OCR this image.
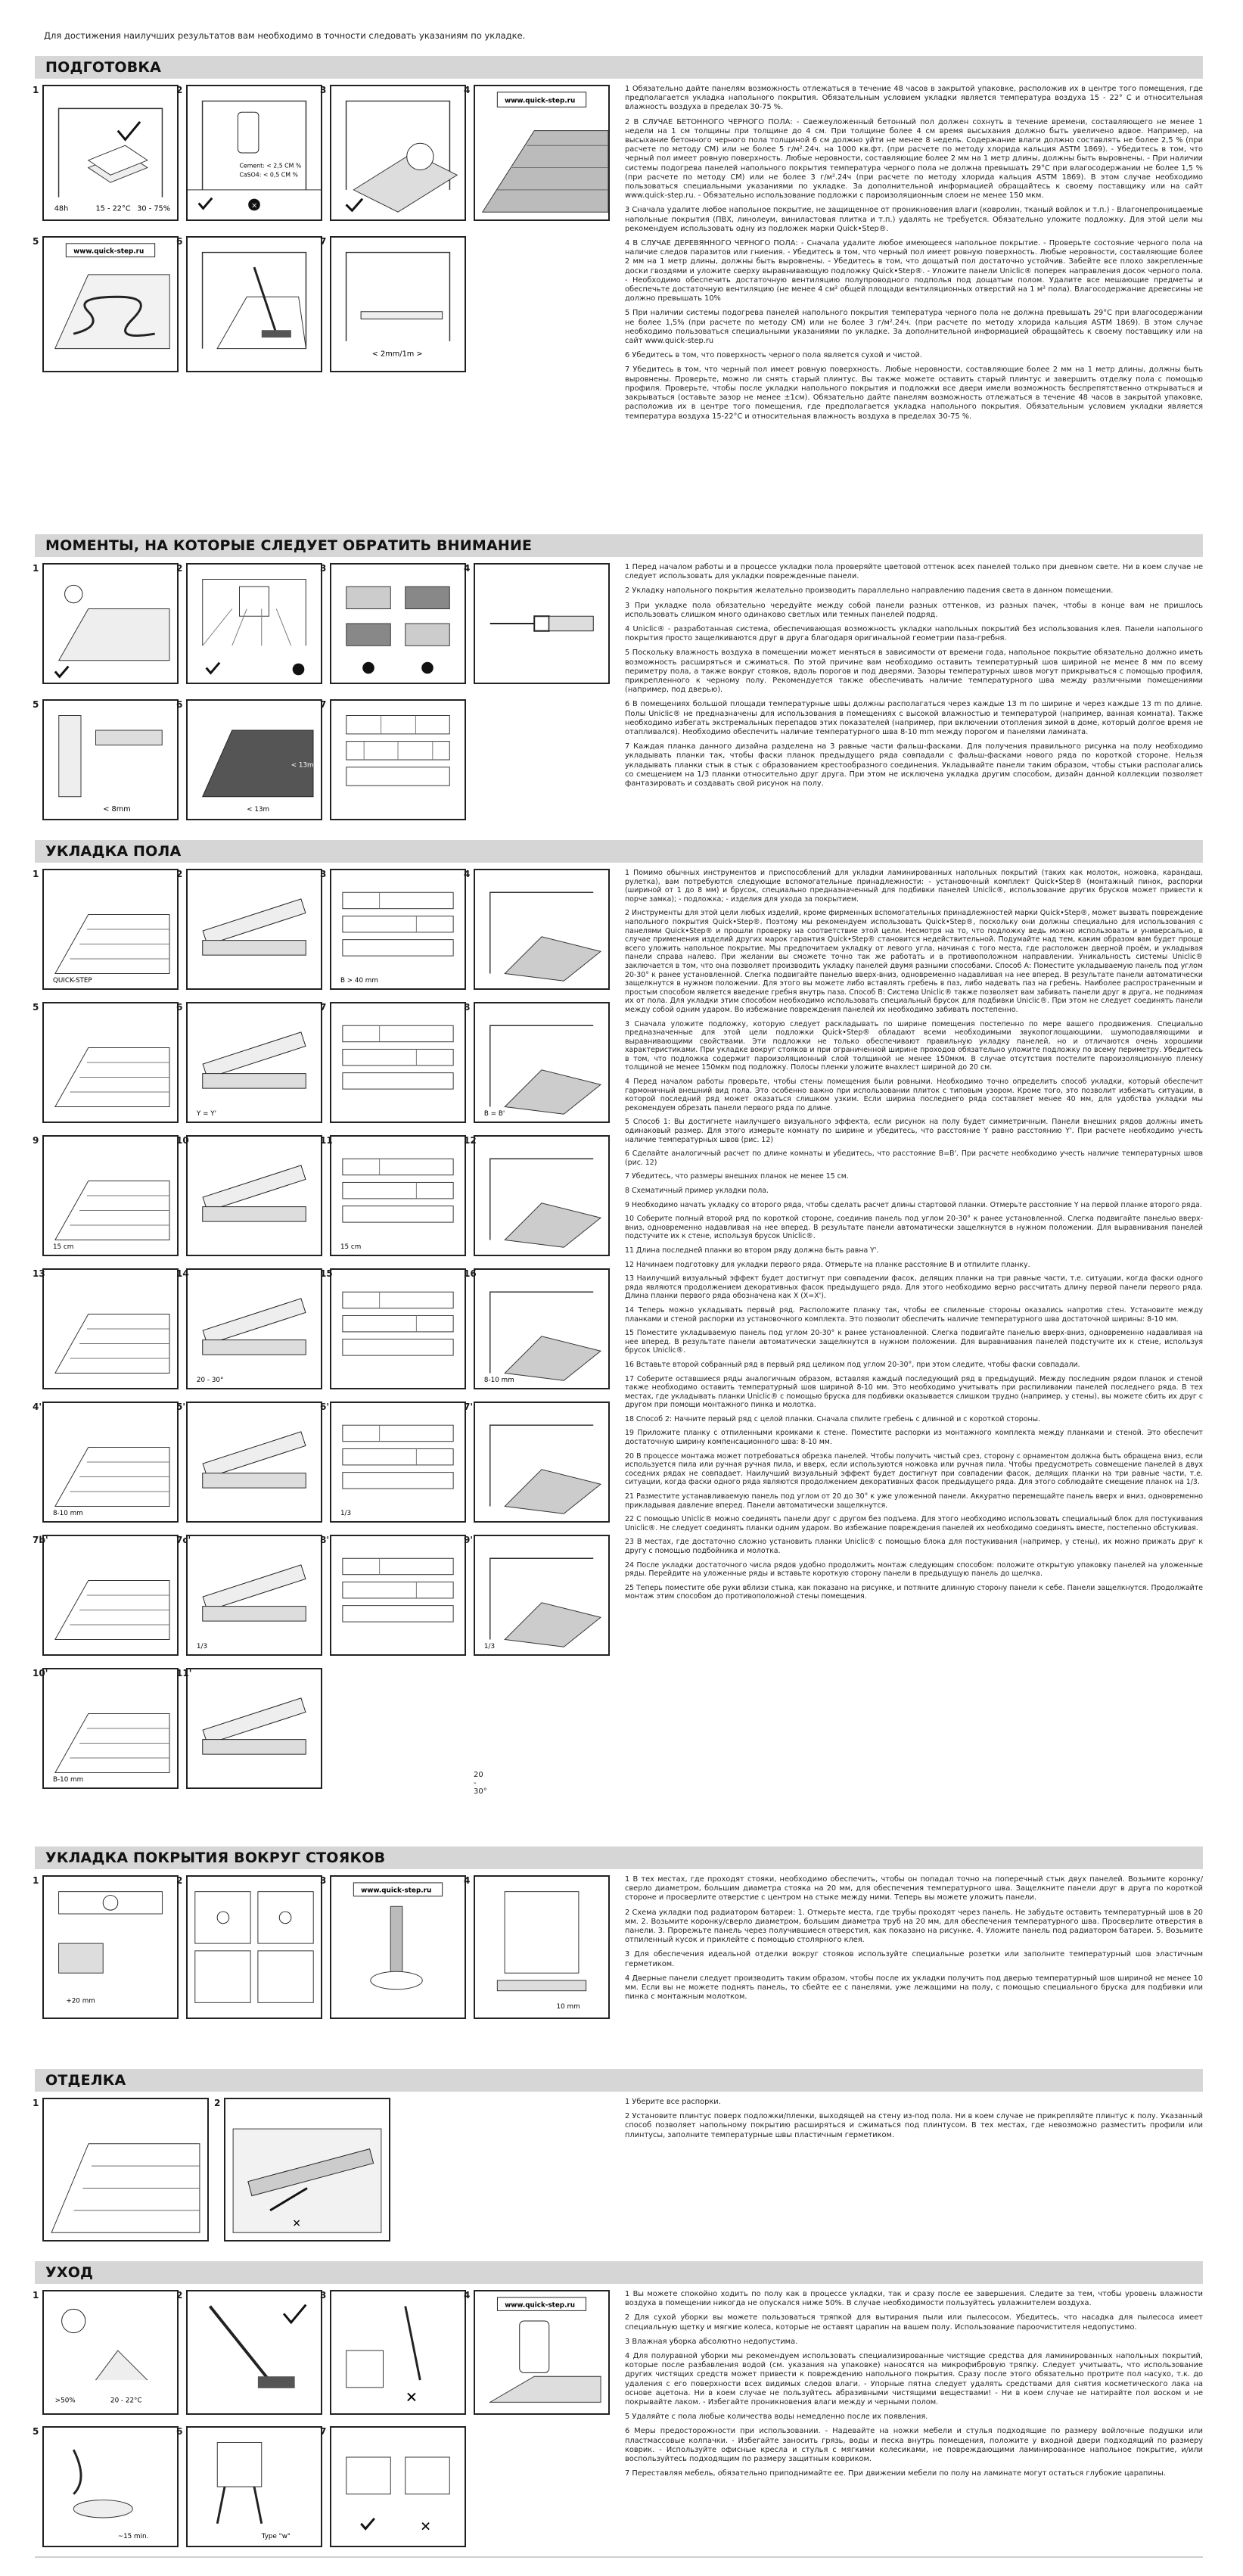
Для достижения наилучших результатов вам необходимо в точности следовать указаниям по укладке.
ПОДГОТОВКА
1
48h	15 - 22°C 30 - 75%
2
Cement: < 2,5 CM %
CaSO4: < 0,5 CM %
×
3	4
www.quick-step.ru
5
www.quick-step.ru
6	7
< 2mm/1m >

1 Обязательно дайте панелям возможность отлежаться в течение 48 часов в закрытой упаковке, расположив их в центре того помещения, где предполагается укладка напольного покрытия. Обязательным условием укладки является температура воздуха 15 - 22° С и относительная влажность воздуха в пределах 30-75 %.

2 В СЛУЧАЕ БЕТОННОГО ЧЕРНОГО ПОЛА: - Свежеуложенный бетонный пол должен сохнуть в течение времени, составляющего не менее 1 недели на 1 см толщины при толщине до 4 см. При толщине более 4 см время высыхания должно быть увеличено вдвое. Например, на высыхание бетонного черного пола толщиной 6 см должно уйти не менее 8 недель. Содержание влаги должно составлять не более 2,5 % (при расчете по методу CM) или не более 5 г/м².24ч. на 1000 кв.фт. (при расчете по методу хлорида кальция ASTM 1869). - Убедитесь в том, что черный пол имеет ровную поверхность. Любые неровности, составляющие более 2 мм на 1 метр длины, должны быть выровнены. - При наличии системы подогрева панелей напольного покрытия температура черного пола не должна превышать 29°С при влагосодержании не более 1,5 % (при расчете по методу CM) или не более 3 г/м².24ч (при расчете по методу хлорида кальция ASTM 1869). В этом случае необходимо пользоваться специальными указаниями по укладке. За дополнительной информацией обращайтесь к своему поставщику или на сайт www.quick-step.ru. - Обязательно использование подложки с пароизоляционным слоем не менее 150 мкм.

3 Сначала удалите любое напольное покрытие, не защищенное от проникновения влаги (ковролин, тканый войлок и т.п.) - Влагонепроницаемые напольные покрытия (ПВХ, линолеум, виниластовая плитка и т.п.) удалять не требуется. Обязательно уложите подложку. Для этой цели мы рекомендуем использовать одну из подложек марки Quick•Step®.

4 В СЛУЧАЕ ДЕРЕВЯННОГО ЧЕРНОГО ПОЛА: - Сначала удалите любое имеющееся напольное покрытие. - Проверьте состояние черного пола на наличие следов паразитов или гниения. - Убедитесь в том, что черный пол имеет ровную поверхность. Любые неровности, составляющие более 2 мм на 1 метр длины, должны быть выровнены. - Убедитесь в том, что дощатый пол достаточно устойчив. Забейте все плохо закрепленные доски гвоздями и уложите сверху выравнивающую подложку Quick•Step®. - Уложите панели Uniclic® поперек направления досок черного пола. - Необходимо обеспечить достаточную вентиляцию полупроводного подполья под дощатым полом. Удалите все мешающие предметы и обеспечьте достаточную вентиляцию (не менее 4 см² общей площади вентиляционных отверстий на 1 м² пола). Влагосодержание древесины не должно превышать 10%

5 При наличии системы подогрева панелей напольного покрытия температура черного пола не должна превышать 29°С при влагосодержании не более 1,5% (при расчете по методу CM) или не более 3 г/м².24ч. (при расчете по методу хлорида кальция ASTM 1869). В этом случае необходимо пользоваться специальными указаниями по укладке. За дополнительной информацией обращайтесь к своему поставщику или на сайт www.quick-step.ru

6 Убедитесь в том, что поверхность черного пола является сухой и чистой.

7 Убедитесь в том, что черный пол имеет ровную поверхность. Любые неровности, составляющие более 2 мм на 1 метр длины, должны быть выровнены. Проверьте, можно ли снять старый плинтус. Вы также можете оставить старый плинтус и завершить отделку пола с помощью профиля. Проверьте, чтобы после укладки напольного покрытия и подложки все двери имели возможность беспрепятственно открываться и закрываться (оставьте зазор не менее ±1см). Обязательно дайте панелям возможность отлежаться в течение 48 часов в закрытой упаковке, расположив их в центре того помещения, где предполагается укладка напольного покрытия. Обязательным условием укладки является температура воздуха 15-22°С и относительная влажность воздуха в пределах 30-75 %.

МОМЕНТЫ, НА КОТОРЫЕ СЛЕДУЕТ ОБРАТИТЬ ВНИМАНИЕ
1	2	3	4
5
< 8mm
6
< 13m
< 13m
7

1 Перед началом работы и в процессе укладки пола проверяйте цветовой оттенок всех панелей только при дневном свете. Ни в коем случае не следует использовать для укладки поврежденные панели.

2 Укладку напольного покрытия желательно производить параллельно направлению падения света в данном помещении.

3 При укладке пола обязательно чередуйте между собой панели разных оттенков, из разных пачек, чтобы в конце вам не пришлось использовать слишком много одинаково светлых или темных панелей подряд.

4 Uniclic® - разработанная система, обеспечивающая возможность укладки напольных покрытий без использования клея. Панели напольного покрытия просто защелкиваются друг в друга благодаря оригинальной геометрии паза-гребня.

5 Поскольку влажность воздуха в помещении может меняться в зависимости от времени года, напольное покрытие обязательно должно иметь возможность расширяться и сжиматься. По этой причине вам необходимо оставить температурный шов шириной не менее 8 мм по всему периметру пола, а также вокруг стояков, вдоль порогов и под дверями. Зазоры температурных швов могут прикрываться с помощью профиля, прикрепленного к черному полу. Рекомендуется также обеспечивать наличие температурного шва между различными помещениями (например, под дверью).

6 В помещениях большой площади температурные швы должны располагаться через каждые 13 m по ширине и через каждые 13 m по длине. Полы Uniclic® не предназначены для использования в помещениях с высокой влажностью и температурой (например, ванная комната). Также необходимо избегать экстремальных перепадов этих показателей (например, при включении отопления зимой в доме, который долгое время не отапливался). Необходимо обеспечить наличие температурного шва 8-10 mm между порогом и панелями ламината.

7 Каждая планка данного дизайна разделена на 3 равные части фальш-фасками. Для получения правильного рисунка на полу необходимо укладывать планки так, чтобы фаски планок предыдущего ряда совпадали с фальш-фасками нового ряда по короткой стороне. Нельзя укладывать планки стык в стык с образованием крестообразного соединения. Укладывайте панели таким образом, чтобы стыки располагались со смещением на 1/3 планки относительно друг друга. При этом не исключена укладка другим способом, дизайн данной коллекции позволяет фантазировать и создавать свой рисунок на полу.

УКЛАДКА ПОЛА
1
QUICK-STEP
2	3
B > 40 mm
4
5	6
Y = Y'
7	8
B = B'
9
15 cm
10	11
15 cm
12
13	14
20 - 30°
15	16
8-10 mm
4'
8-10 mm
5'	6'
1/3
7'
7b'	7c'
1/3
8'	9'
1/3
10'
B-10 mm
11'
20 - 30°

1 Помимо обычных инструментов и приспособлений для укладки ламинированных напольных покрытий (таких как молоток, ножовка, карандаш, рулетка), вам потребуются следующие вспомогательные принадлежности: - установочный комплект Quick•Step® (монтажный пинок, распорки (шириной от 1 до 8 мм) и брусок, специально предназначенный для подбивки панелей Uniclic®, использование других брусков может привести к порче замка); - подложка; - изделия для ухода за покрытием.

2 Инструменты для этой цели любых изделий, кроме фирменных вспомогательных принадлежностей марки Quick•Step®, может вызвать повреждение напольного покрытия Quick•Step®. Поэтому мы рекомендуем использовать Quick•Step®, поскольку они должны специально для использования с панелями Quick•Step® и прошли проверку на соответствие этой цели. Несмотря на то, что подложку ведь можно использовать и универсально, в случае применения изделий других марок гарантия Quick•Step® становится недействительной. Подумайте над тем, каким образом вам будет проще всего уложить напольное покрытие. Мы предпочитаем укладку от левого угла, начиная с того места, где расположен дверной проём, и укладывая панели справа налево. При желании вы сможете точно так же работать и в противоположном направлении. Уникальность системы Uniclic® заключается в том, что она позволяет производить укладку панелей двумя разными способами. Способ А: Поместите укладываемую панель под углом 20-30° к ранее установленной. Слегка подвигайте панелью вверх-вниз, одновременно надавливая на нее вперед. В результате панели автоматически защелкнутся в нужном положении. Для этого вы можете либо вставлять гребень в паз, либо надевать паз на гребень. Наиболее распространенным и простым способом является введение гребня внутрь паза. Способ В: Система Uniclic® также позволяет вам забивать панели друг в друга, не поднимая их от пола. Для укладки этим способом необходимо использовать специальный брусок для подбивки Uniclic®. При этом не следует соединять панели между собой одним ударом. Во избежание повреждения панелей их необходимо забивать постепенно.

3 Сначала уложите подложку, которую следует раскладывать по ширине помещения поcтепенно по мере вашего продвижения. Специально предназначенные для этой цели подложки Quick•Step® обладают всеми необходимыми звукопоглощающими, шумоподавляющими и выравнивающими свойствами. Эти подложки не только обеспечивают правильную укладку панелей, но и отличаются очень хорошими характеристиками. При укладке вокруг стояков и при ограниченной ширине проходов обязательно уложите подложку по всему периметру. Убедитесь в том, что подложка содержит пароизоляционный слой толщиной не менее 150мкм. В случае отсутствия постелите пароизоляционную пленку толщиной не менее 150мкм под подложку. Полосы пленки уложите внахлест шириной до 20 см.

4 Перед началом работы проверьте, чтобы стены помещения были ровными. Необходимо точно определить способ укладки, который обеспечит гармоничный внешний вид пола. Это особенно важно при использовании плиток с типовым узором. Кроме того, это позволит избежать ситуации, в которой последний ряд может оказаться слишком узким. Если ширина последнего ряда составляет менее 40 мм, для удобства укладки мы рекомендуем обрезать панели первого ряда по длине.

5 Способ 1: Вы достигнете наилучшего визуального эффекта, если рисунок на полу будет симметричным. Панели внешних рядов должны иметь одинаковый размер. Для этого измерьте комнату по ширине и убедитесь, что расстояние Y равно расстоянию Y'. При расчете необходимо учесть наличие температурных швов (рис. 12)

6 Сделайте аналогичный расчет по длине комнаты и убедитесь, что расстояние B=B'. При расчете необходимо учесть наличие температурных швов (рис. 12)

7 Убедитесь, что размеры внешних планок не менее 15 см.

8 Схематичный пример укладки пола.

9 Необходимо начать укладку со второго ряда, чтобы сделать расчет длины стартовой планки. Отмерьте расстояние Y на первой планке второго ряда.

10 Соберите полный второй ряд по короткой стороне, соединив панель под углом 20-30° к ранее установленной. Слегка подвигайте панелью вверх-вниз, одновременно надавливая на нее вперед. В результате панели автоматически защелкнутся в нужном положении. Для выравнивания панелей подстучите их к стене, используя брусок Uniclic®.

11 Длина последней планки во втором ряду должна быть равна Y'.

12 Начинаем подготовку для укладки первого ряда. Отмерьте на планке расстояние B и отпилите планку.

13 Наилучший визуальный эффект будет достигнут при совпадении фасок, делящих планки на три равные части, т.е. ситуации, когда фаски одного ряда являются продолжением декоративных фасок предыдущего ряда. Для этого необходимо верно рассчитать длину первой панели первого ряда. Длина планки первого ряда обозначена как X (X=X').

14 Теперь можно укладывать первый ряд. Расположите планку так, чтобы ее спиленные стороны оказались напротив стен. Установите между планками и стеной распорки из установочного комплекта. Это позволит обеспечить наличие температурного шва достаточной ширины: 8-10 мм.

15 Поместите укладываемую панель под углом 20-30° к ранее установленной. Слегка подвигайте панелью вверх-вниз, одновременно надавливая на нее вперед. В результате панели автоматически защелкнутся в нужном положении. Для выравнивания панелей подстучите их к стене, используя брусок Uniclic®.

16 Вставьте второй собранный ряд в первый ряд целиком под углом 20-30°, при этом следите, чтобы фаски совпадали.

17 Соберите оставшиеся ряды аналогичным образом, вставляя каждый последующий ряд в предыдущий. Между последним рядом планок и стеной также необходимо оставить температурный шов шириной 8-10 мм. Это необходимо учитывать при распиливании панелей последнего ряда. В тех местах, где укладывать планки Uniclic® с помощью бруска для подбивки оказывается слишком трудно (например, у стены), вы можете сбить их друг с другом при помощи монтажного пинка и молотка.

18 Способ 2: Начните первый ряд с целой планки. Сначала спилите гребень с длинной и с короткой стороны.

19 Приложите планку с отпиленными кромками к стене. Поместите распорки из монтажного комплекта между планками и стеной. Это обеспечит достаточную ширину компенсационного шва: 8-10 мм.

20 В процессе монтажа может потребоваться обрезка панелей. Чтобы получить чистый срез, сторону с орнаментом должна быть обращена вниз, если используется пила или ручная ручная пила, и вверх, если используются ножовка или ручная пила. Чтобы предусмотреть совмещение панелей в двух соседних рядах не совпадает. Наилучший визуальный эффект будет достигнут при совпадении фасок, делящих планки на три равные части, т.е. ситуации, когда фаски одного ряда являются продолжением декоративных фасок предыдущего ряда. Для этого соблюдайте смещение планок на 1/3.

21 Разместите устанавливаемую панель под углом от 20 до 30° к уже уложенной панели. Аккуратно перемещайте панель вверх и вниз, одновременно прикладывая давление вперед. Панели автоматически защелкнутся.

22 С помощью Uniclic® можно соединять панели друг с другом без подъема. Для этого необходимо использовать специальный блок для постукивания Uniclic®. Не следует соединять планки одним ударом. Во избежание повреждения панелей их необходимо соединять вместе, постепенно обстукивая.

23 В местах, где достаточно сложно установить планки Uniclic® с помощью блока для постукивания (например, у стены), их можно прижать друг к другу с помощью подбойника и молотка.

24 После укладки достаточного числа рядов удобно продолжить монтаж следующим способом: положите открытую упаковку панелей на уложенные ряды. Перейдите на уложенные ряды и вставьте короткую сторону панели в предыдущую панель до щелчка.

25 Теперь поместите обе руки вблизи стыка, как показано на рисунке, и потяните длинную сторону панели к себе. Панели защелкнутся. Продолжайте монтаж этим способом до противоположной стены помещения.

УКЛАДКА ПОКРЫТИЯ ВОКРУГ СТОЯКОВ
1
+20 mm
2	3
www.quick-step.ru
4
10 mm

1 В тех местах, где проходят стояки, необходимо обеспечить, чтобы он попадал точно на поперечный стык двух панелей. Возьмите коронку/сверло диаметром, большим диаметра стояка на 20 мм, для обеспечения температурного шва. Защелкните панели друг в друга по короткой стороне и просверлите отверстие с центром на стыке между ними. Теперь вы можете уложить панели.

2 Схема укладки под радиатором батареи: 1. Отмерьте места, где трубы проходят через панель. Не забудьте оставить температурный шов в 20 мм. 2. Возьмите коронку/сверло диаметром, большим диаметра труб на 20 мм, для обеспечения температурного шва. Просверлите отверстия в панели. 3. Прорежьте панель через получившиеся отверстия, как показано на рисунке. 4. Уложите панель под радиатором батареи. 5. Возьмите отпиленный кусок и приклейте с помощью столярного клея.

3 Для обеспечения идеальной отделки вокруг стояков используйте специальные розетки или заполните температурный шов эластичным герметиком.

4 Дверные панели следует производить таким образом, чтобы после их укладки получить под дверью температурный шов шириной не менее 10 мм. Если вы не можете поднять панель, то сбейте ее с панелями, уже лежащими на полу, с помощью специального бруска для подбивки или пинка с монтажным молотком.

ОТДЕЛКА
1	2
✕

1 Уберите все распорки.

2 Установите плинтус поверх подложки/пленки, выходящей на стену из-под пола. Ни в коем случае не прикрепляйте плинтус к полу. Указанный способ позволяет напольному покрытию расширяться и сжиматься под плинтусом. В тех местах, где невозможно разместить профили или плинтусы, заполните температурные швы пластичным герметиком.

УХОД
1
>50%	20 - 22°C
2	3
✕
4
www.quick-step.ru
5
~15 min.
6
Type "w"
7
✕

1 Вы можете спокойно ходить по полу как в процессе укладки, так и сразу после ее завершения. Следите за тем, чтобы уровень влажности воздуха в помещении никогда не опускался ниже 50%. В случае необходимости пользуйтесь увлажнителем воздуха.

2 Для сухой уборки вы можете пользоваться тряпкой для вытирания пыли или пылесосом. Убедитесь, что насадка для пылесоса имеет специальную щетку и мягкие колеса, которые не оставят царапин на вашем полу. Использование пароочистителя недопустимо.

3 Влажная уборка абсолютно недопустима.

4 Для полуравной уборки мы рекомендуем использовать специализированные чистящие средства для ламинированных напольных покрытий, которые после разбавления водой (см. указания на упаковке) наносятся на микрофибровую тряпку. Следует учитывать, что использование других чистящих средств может привести к повреждению напольного покрытия. Сразу после этого обязательно протрите пол насухо, т.к. до удаления с его поверхности всех видимых следов влаги. - Упорные пятна следует удалять средствами для снятия косметического лака на основе ацетона. Ни в коем случае не пользуйтесь абразивными чистящими веществами! - Ни в коем случае не натирайте пол воском и не покрывайте лаком. - Избегайте проникновения влаги между и черными полом.

5 Удаляйте с пола любые количества воды немедленно после их появления.

6 Меры предосторожности при использовании. - Надевайте на ножки мебели и стулья подходящие по размеру войлочные подушки или пластмассовые колпачки. - Избегайте заносить грязь, воды и песка внутрь помещения, положите у входной двери подходящий по размеру коврик. - Используйте офисные кресла и стулья с мягкими колесиками, не повреждающими ламинированное напольное покрытие, и/или воспользуйтесь подходящим по размеру защитным ковриком.

7 Переставляя мебель, обязательно приподнимайте ее. При движении мебели по полу на ламинате могут остаться глубокие царапины.
